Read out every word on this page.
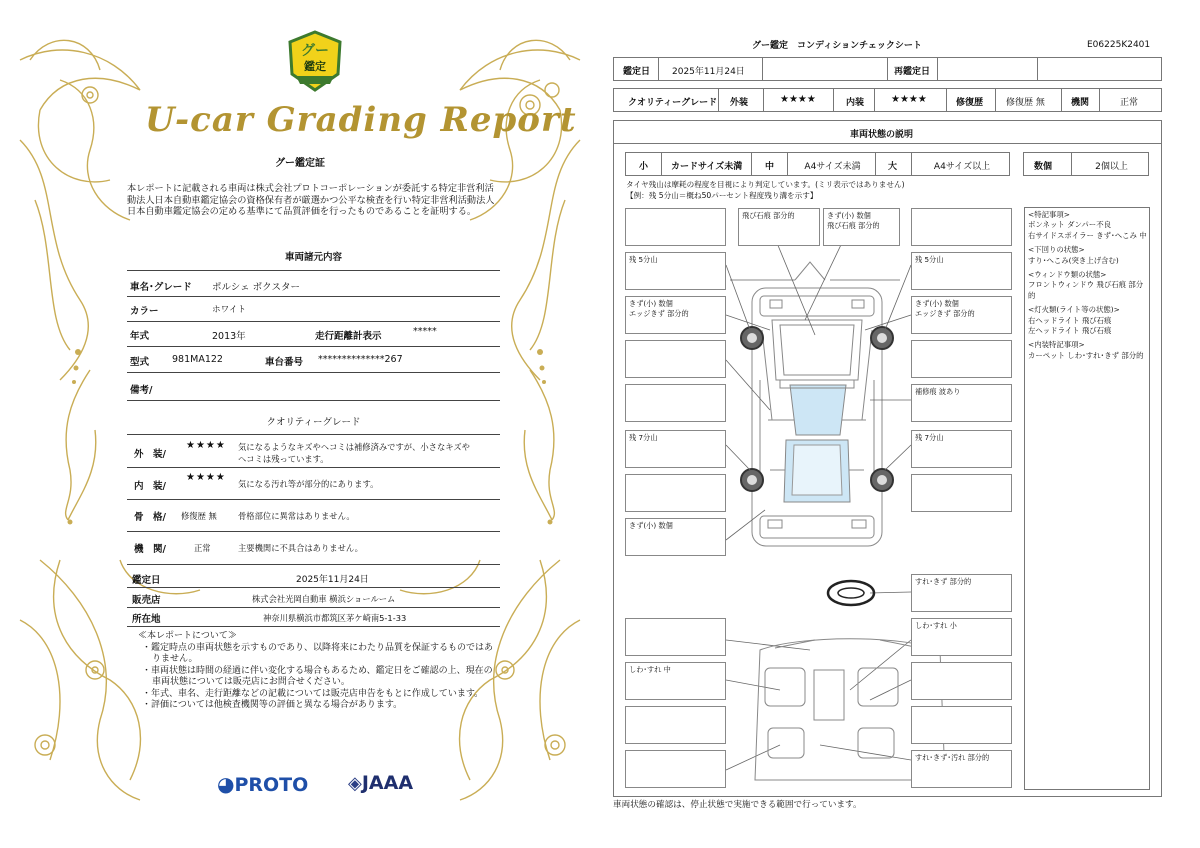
グー
鑑定
U-car Grading Report
グー鑑定証
本レポートに記載される車両は株式会社プロトコーポレーションが委託する特定非営利活動法人日本自動車鑑定協会の資格保有者が厳選かつ公平な検査を行い特定非営利活動法人日本自動車鑑定協会の定める基準にて品質評価を行ったものであることを証明する。
車両諸元内容
車名･グレード ポルシェ ボクスター
カラー	ホワイト
年式	2013年	走行距離計表示	*****
型式 981MA122	車台番号 **************267
備考/
クオリティーグレード
外　装/
★★★★ 気になるようなキズやヘコミは補修済みですが、小さなキズや
ヘコミは残っています。
内　装/
★★★★
気になる汚れ等が部分的にあります。
骨　格/ 修復歴 無	骨格部位に異常はありません。
機　関/	正常	主要機関に不具合はありません。
鑑定日	2025年11月24日
販売店	株式会社光岡自動車 横浜ショールーム
所在地	神奈川県横浜市都筑区茅ケ崎南5-1-33
≪本レポートについて≫
・鑑定時点の車両状態を示すものであり、以降将来にわたり品質を保証するものではありません。
・車両状態は時間の経過に伴い変化する場合もあるため、鑑定日をご確認の上、現在の車両状態については販売店にお問合せください。
・年式、車名、走行距離などの記載については販売店申告をもとに作成しています。
・評価については他検査機関等の評価と異なる場合があります。
◕PROTO ◈JAAA
グー鑑定　コンディションチェックシート	E06225K2401
鑑定日 2025年11月24日	再鑑定日
クオリティーグレード 外装	★★★★	内装	★★★★	修復歴	修復歴 無	機関	正常
車両状態の説明
小	カードサイズ未満	中	A4サイズ未満	大	A4サイズ以上	数個	2個以上
タイヤ残山は摩耗の程度を目視により判定しています。(ミリ表示ではありません)
【例：残 5分山＝概ね50パーセント程度残り溝を示す】
飛び石痕 部分的	きず(小) 数個
飛び石痕 部分的
残 5分山
きず(小) 数個
エッジきず 部分的
残 7分山
きず(小) 数個
残 5分山
きず(小) 数個
エッジきず 部分的
補修痕 波あり
残 7分山
すれ･きず 部分的
しわ･すれ 小
しわ･すれ 中
すれ･きず･汚れ 部分的
<特記事項>
ボンネット ダンパー不良
右サイドスポイラー きず･へこみ 中
<下回りの状態>
すり･へこみ(突き上げ含む)
<ウィンドウ類の状態>
フロントウィンドウ 飛び石痕 部分的
<灯火類(ライト等の状態)>
右ヘッドライト 飛び石痕
左ヘッドライト 飛び石痕
<内装特記事項>
カーペット しわ･すれ･きず 部分的
車両状態の確認は、停止状態で実施できる範囲で行っています。
